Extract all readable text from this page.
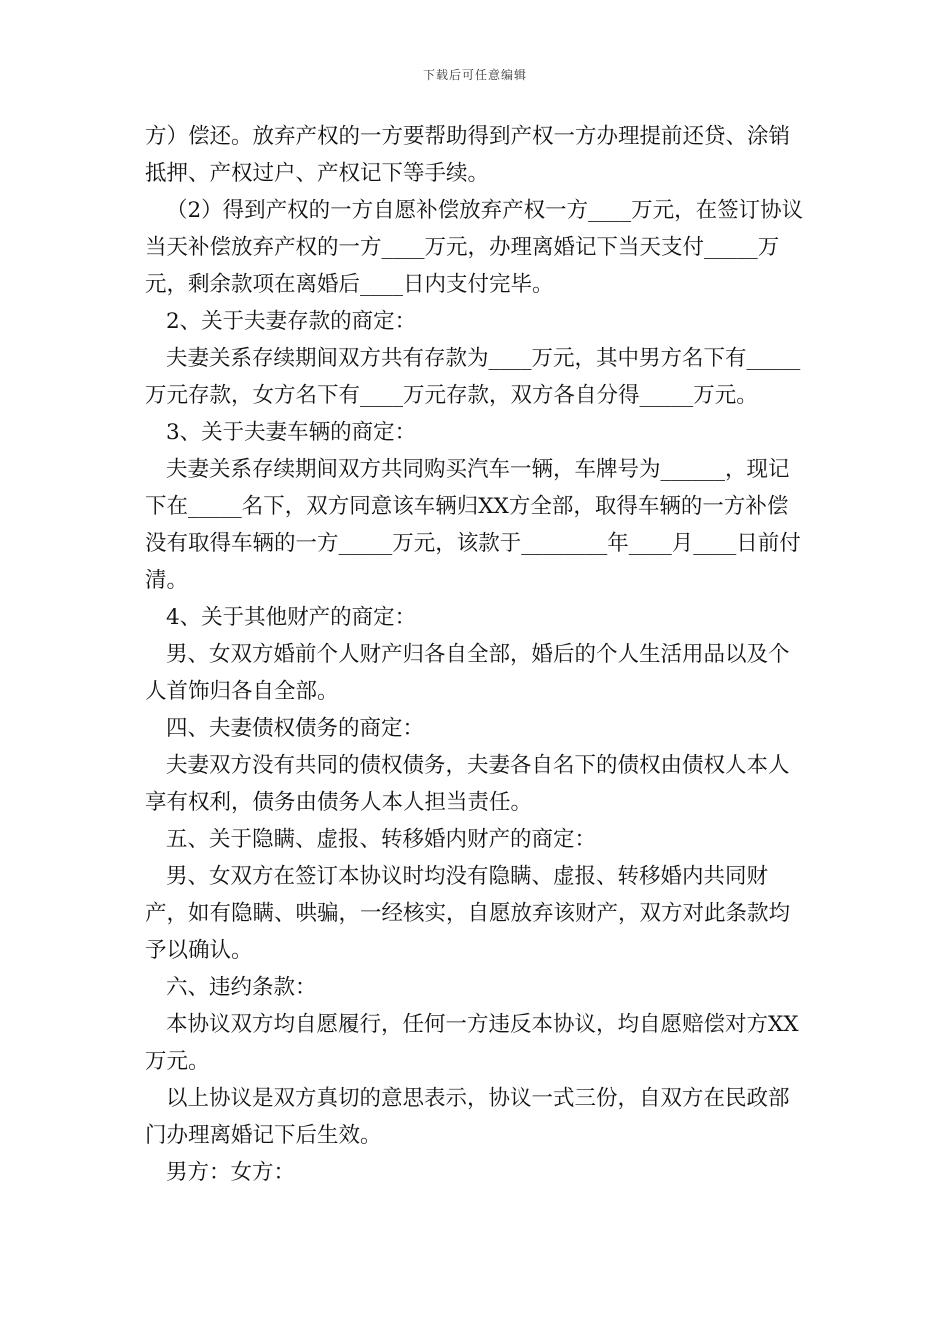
下载后可任意编辑

方）偿还。放弃产权的一方要帮助得到产权一方办理提前还贷、涂销抵押、产权过户、产权记下等手续。

（2）得到产权的一方自愿补偿放弃产权一方____万元，在签订协议当天补偿放弃产权的一方____万元，办理离婚记下当天支付_____万元，剩余款项在离婚后____日内支付完毕。

2、关于夫妻存款的商定：

夫妻关系存续期间双方共有存款为____万元，其中男方名下有_____万元存款，女方名下有____万元存款，双方各自分得_____万元。

3、关于夫妻车辆的商定：

夫妻关系存续期间双方共同购买汽车一辆，车牌号为______，现记下在_____名下，双方同意该车辆归XX方全部，取得车辆的一方补偿没有取得车辆的一方_____万元，该款于________年____月____日前付清。

4、关于其他财产的商定：

男、女双方婚前个人财产归各自全部，婚后的个人生活用品以及个人首饰归各自全部。

四、夫妻债权债务的商定：

夫妻双方没有共同的债权债务，夫妻各自名下的债权由债权人本人享有权利，债务由债务人本人担当责任。

五、关于隐瞒、虚报、转移婚内财产的商定：

男、女双方在签订本协议时均没有隐瞒、虚报、转移婚内共同财产，如有隐瞒、哄骗，一经核实，自愿放弃该财产，双方对此条款均予以确认。

六、违约条款：

本协议双方均自愿履行，任何一方违反本协议，均自愿赔偿对方XX万元。

以上协议是双方真切的意思表示，协议一式三份，自双方在民政部门办理离婚记下后生效。

男方：女方：
